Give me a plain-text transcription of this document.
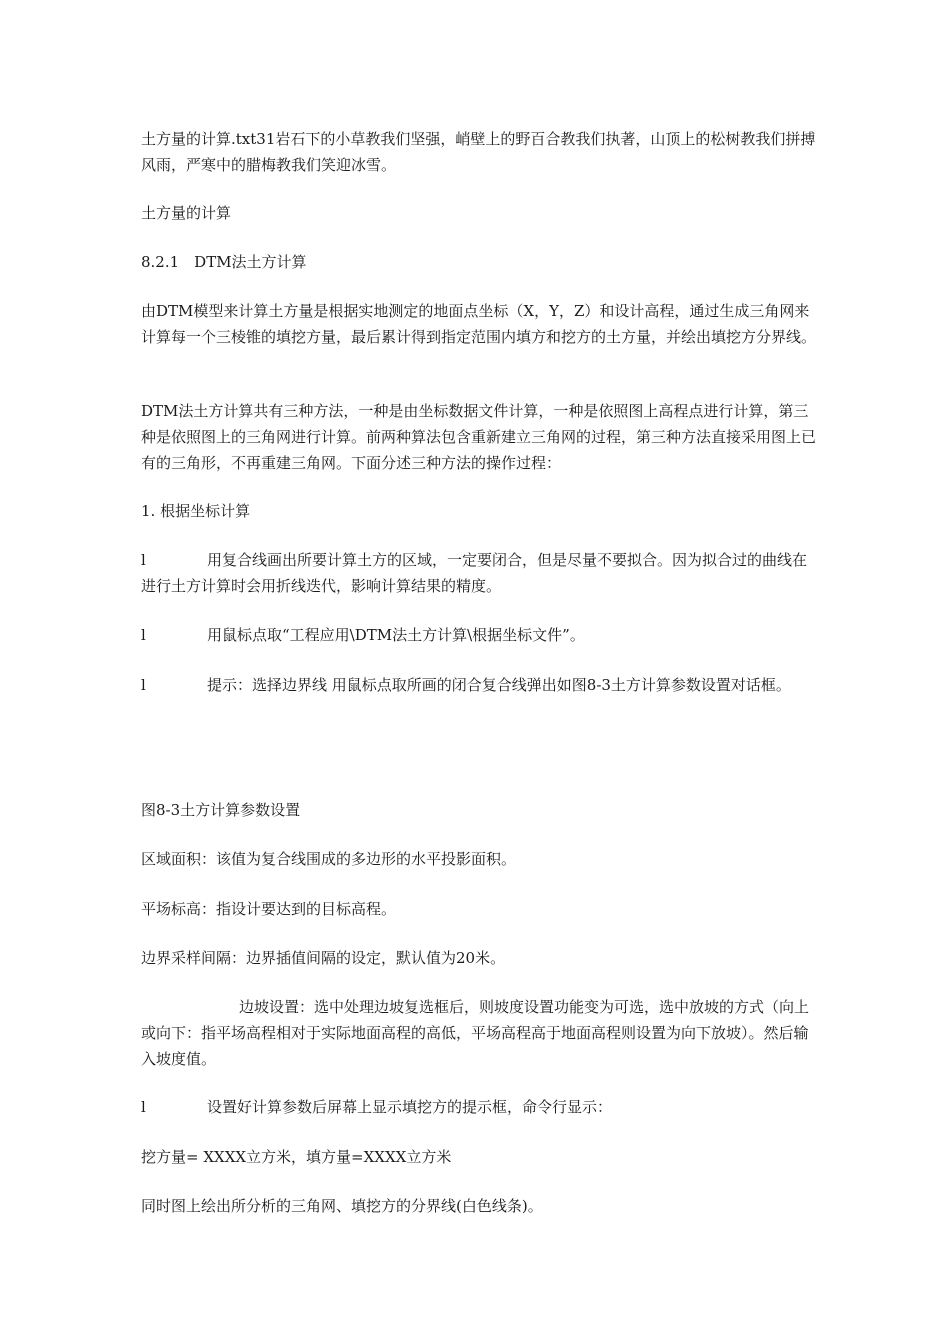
土方量的计算.txt31岩石下的小草教我们坚强，峭壁上的野百合教我们执著，山顶上的松树教我们拼搏风雨，严寒中的腊梅教我们笑迎冰雪。

土方量的计算

8.2.1　DTM法土方计算

由DTM模型来计算土方量是根据实地测定的地面点坐标（X，Y，Z）和设计高程，通过生成三角网来计算每一个三棱锥的填挖方量，最后累计得到指定范围内填方和挖方的土方量，并绘出填挖方分界线。

DTM法土方计算共有三种方法，一种是由坐标数据文件计算，一种是依照图上高程点进行计算，第三种是依照图上的三角网进行计算。前两种算法包含重新建立三角网的过程，第三种方法直接采用图上已有的三角形，不再重建三角网。下面分述三种方法的操作过程：

1. 根据坐标计算

l	用复合线画出所要计算土方的区域，一定要闭合，但是尽量不要拟合。因为拟合过的曲线在进行土方计算时会用折线迭代，影响计算结果的精度。

l	用鼠标点取“工程应用\DTM法土方计算\根据坐标文件”。

l	提示：选择边界线 用鼠标点取所画的闭合复合线弹出如图8-3土方计算参数设置对话框。

图8-3土方计算参数设置

区域面积：该值为复合线围成的多边形的水平投影面积。

平场标高：指设计要达到的目标高程。

边界采样间隔：边界插值间隔的设定，默认值为20米。

边坡设置：选中处理边坡复选框后，则坡度设置功能变为可选，选中放坡的方式（向上或向下：指平场高程相对于实际地面高程的高低，平场高程高于地面高程则设置为向下放坡）。然后输入坡度值。

l	设置好计算参数后屏幕上显示填挖方的提示框，命令行显示：

挖方量= XXXX立方米，填方量=XXXX立方米

同时图上绘出所分析的三角网、填挖方的分界线(白色线条)。
